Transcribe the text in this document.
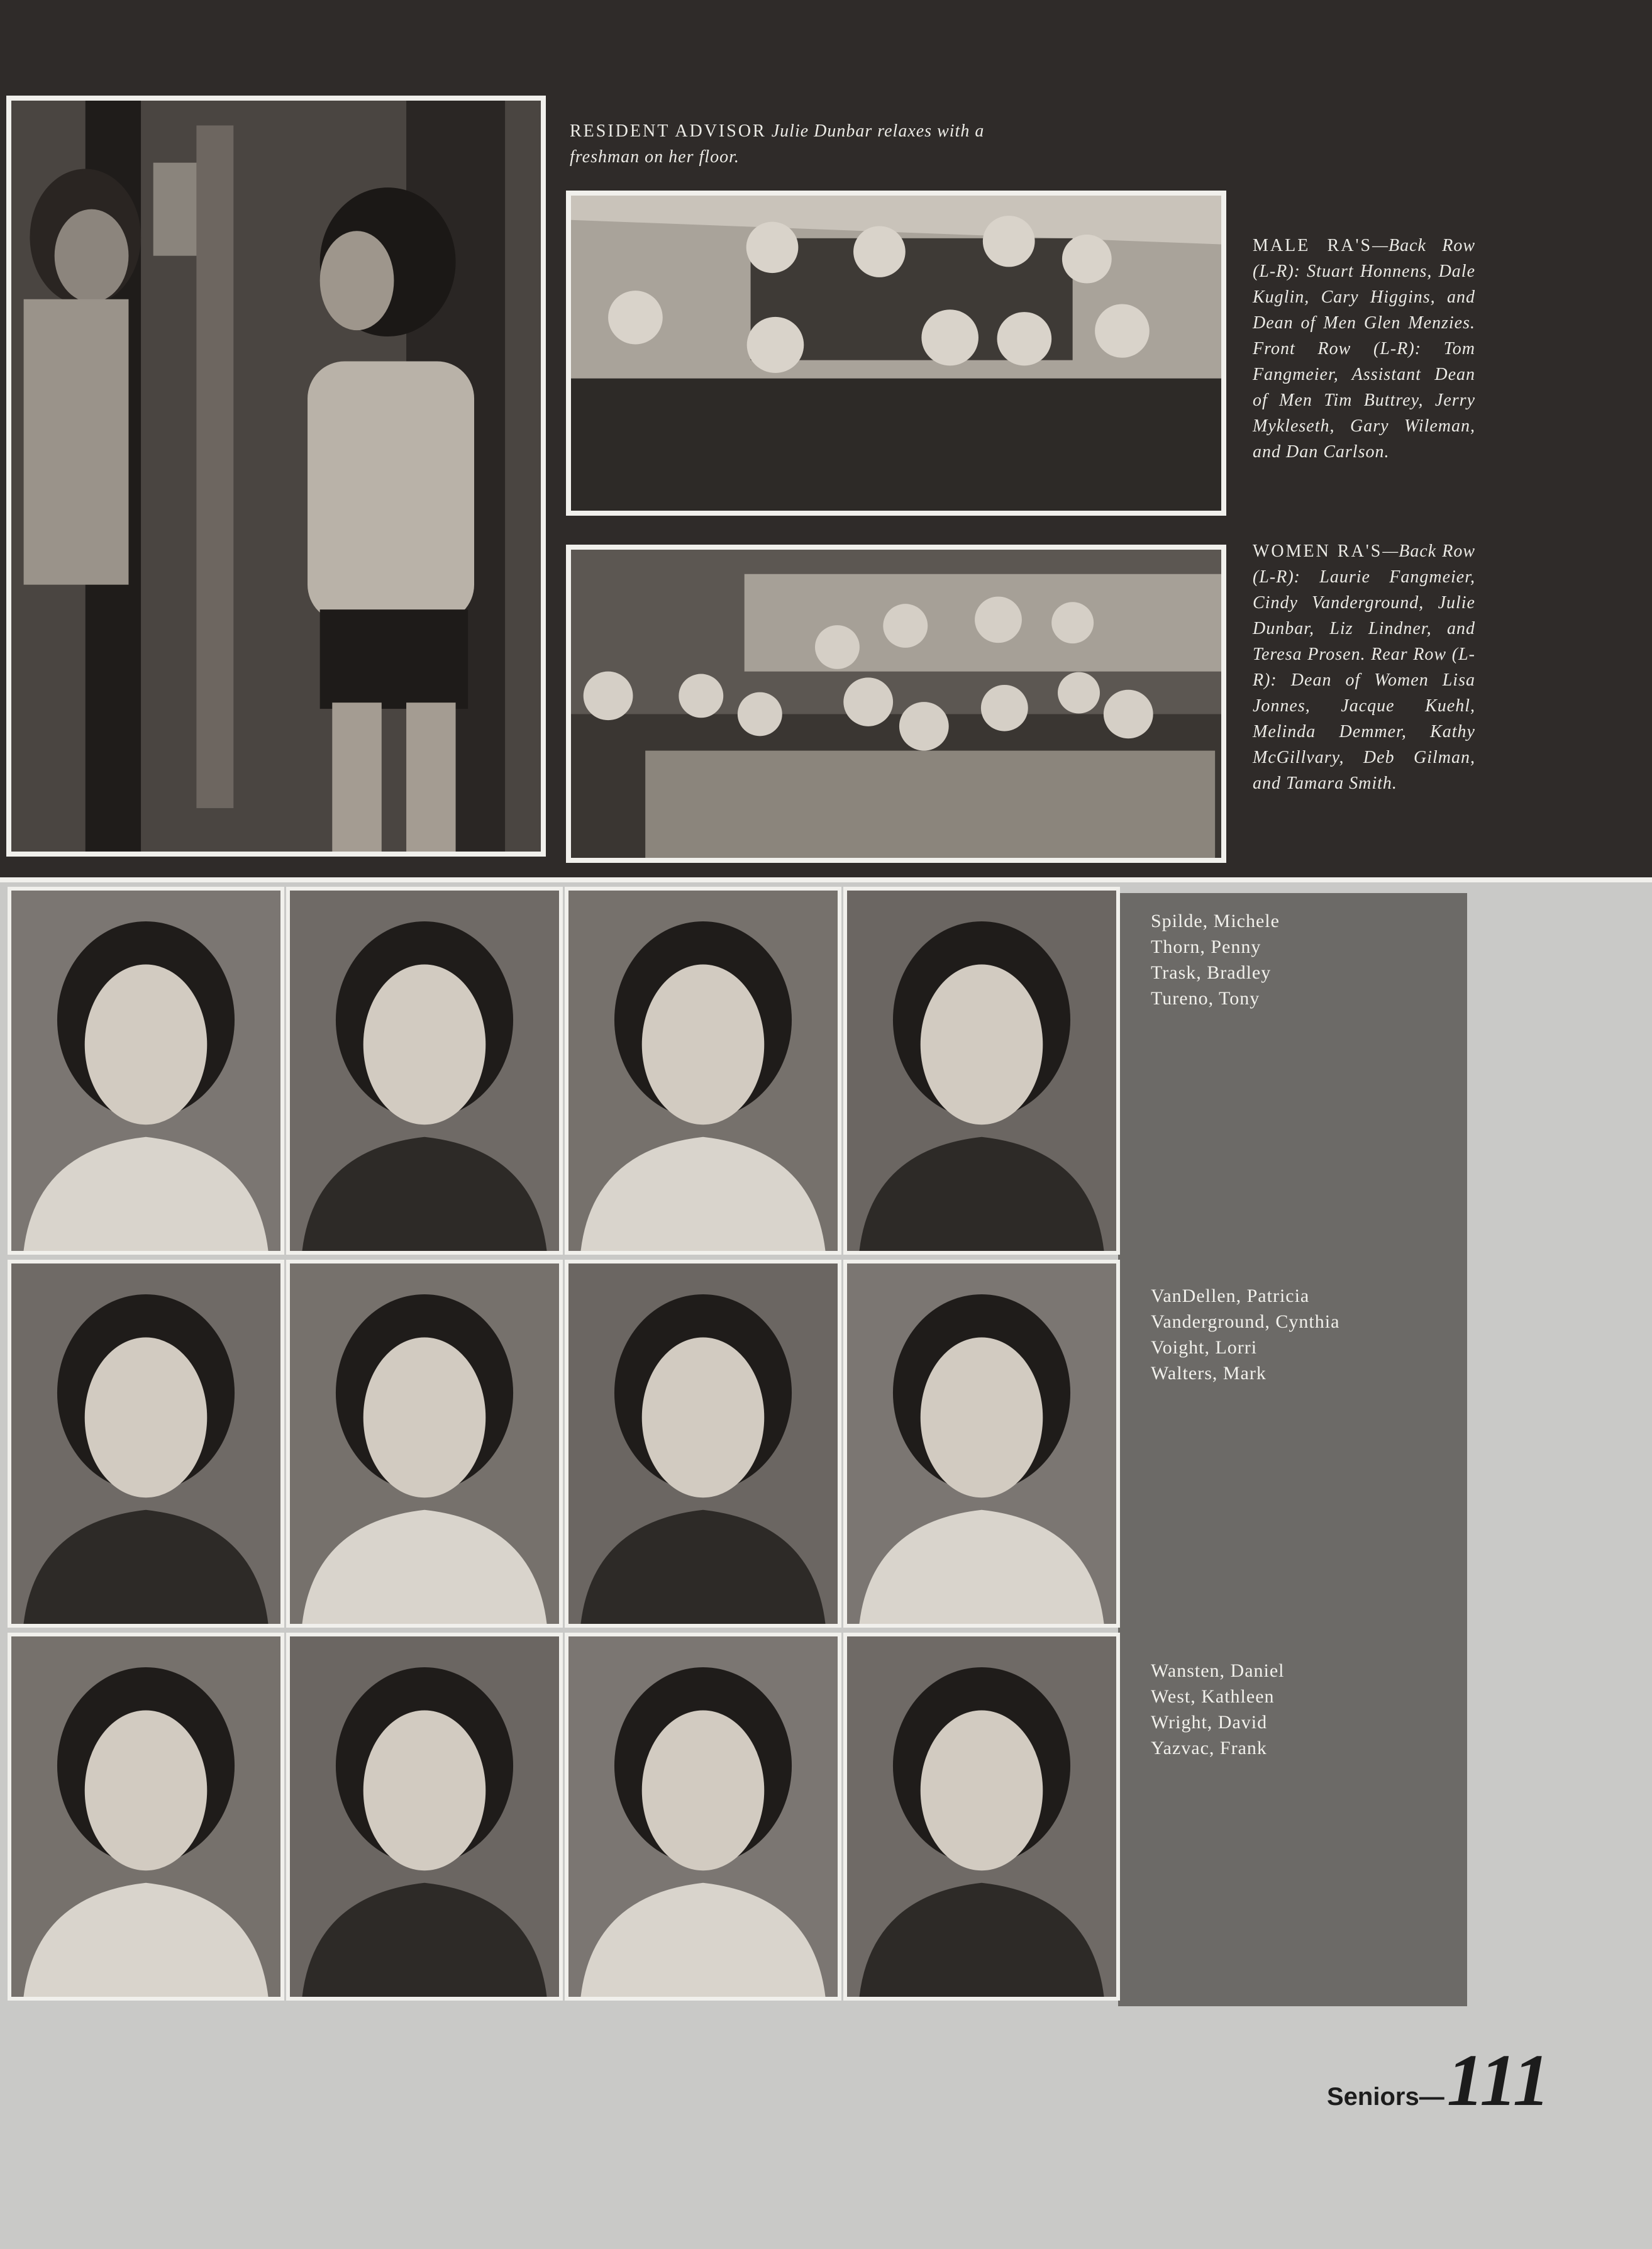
RESIDENT ADVISOR Julie Dunbar relaxes with a freshman on her floor.
MALE RA'S—Back Row (L-R): Stuart Honnens, Dale Kuglin, Cary Higgins, and Dean of Men Glen Menzies. Front Row (L-R): Tom Fangmeier, Assistant Dean of Men Tim Buttrey, Jerry Mykleseth, Gary Wileman, and Dan Carlson.
WOMEN RA'S—Back Row (L-R): Laurie Fangmeier, Cindy Vanderground, Julie Dunbar, Liz Lindner, and Teresa Prosen. Rear Row (L-R): Dean of Women Lisa Jonnes, Jacque Kuehl, Melinda Demmer, Kathy McGillvary, Deb Gilman, and Tamara Smith.
Spilde, Michele
Thorn, Penny
Trask, Bradley
Tureno, Tony
VanDellen, Patricia
Vanderground, Cynthia
Voight, Lorri
Walters, Mark
Wansten, Daniel
West, Kathleen
Wright, David
Yazvac, Frank
Seniors—111
